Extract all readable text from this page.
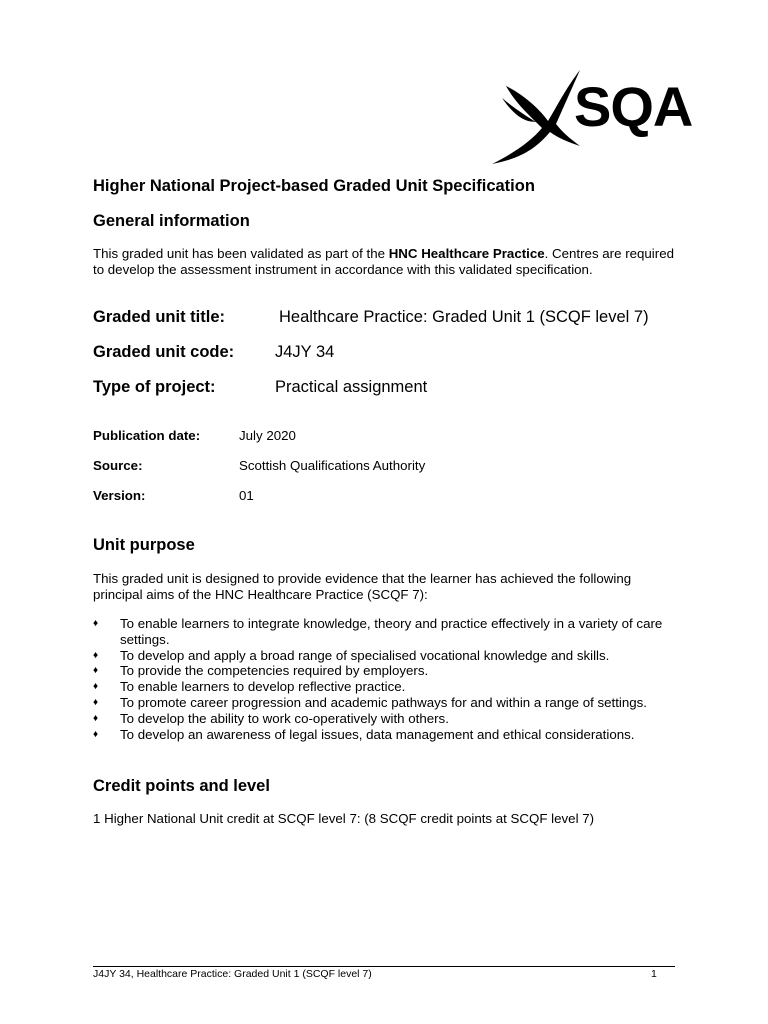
SQA
Higher National Project-based Graded Unit Specification
General information
This graded unit has been validated as part of the HNC Healthcare Practice. Centres are required to develop the assessment instrument in accordance with this validated specification.
Graded unit title:	Healthcare Practice: Graded Unit 1 (SCQF level 7)
Graded unit code: J4JY 34
Type of project:	Practical assignment
Publication date:	July 2020
Source:	Scottish Qualifications Authority
Version:	01
Unit purpose
This graded unit is designed to provide evidence that the learner has achieved the following principal aims of the HNC Healthcare Practice (SCQF 7):
♦ To enable learners to integrate knowledge, theory and practice effectively in a variety of care settings.
♦ To develop and apply a broad range of specialised vocational knowledge and skills.
♦ To provide the competencies required by employers.
♦ To enable learners to develop reflective practice.
♦ To promote career progression and academic pathways for and within a range of settings.
♦ To develop the ability to work co-operatively with others.
♦ To develop an awareness of legal issues, data management and ethical considerations.
Credit points and level
1 Higher National Unit credit at SCQF level 7: (8 SCQF credit points at SCQF level 7)
J4JY 34, Healthcare Practice: Graded Unit 1 (SCQF level 7)	1
